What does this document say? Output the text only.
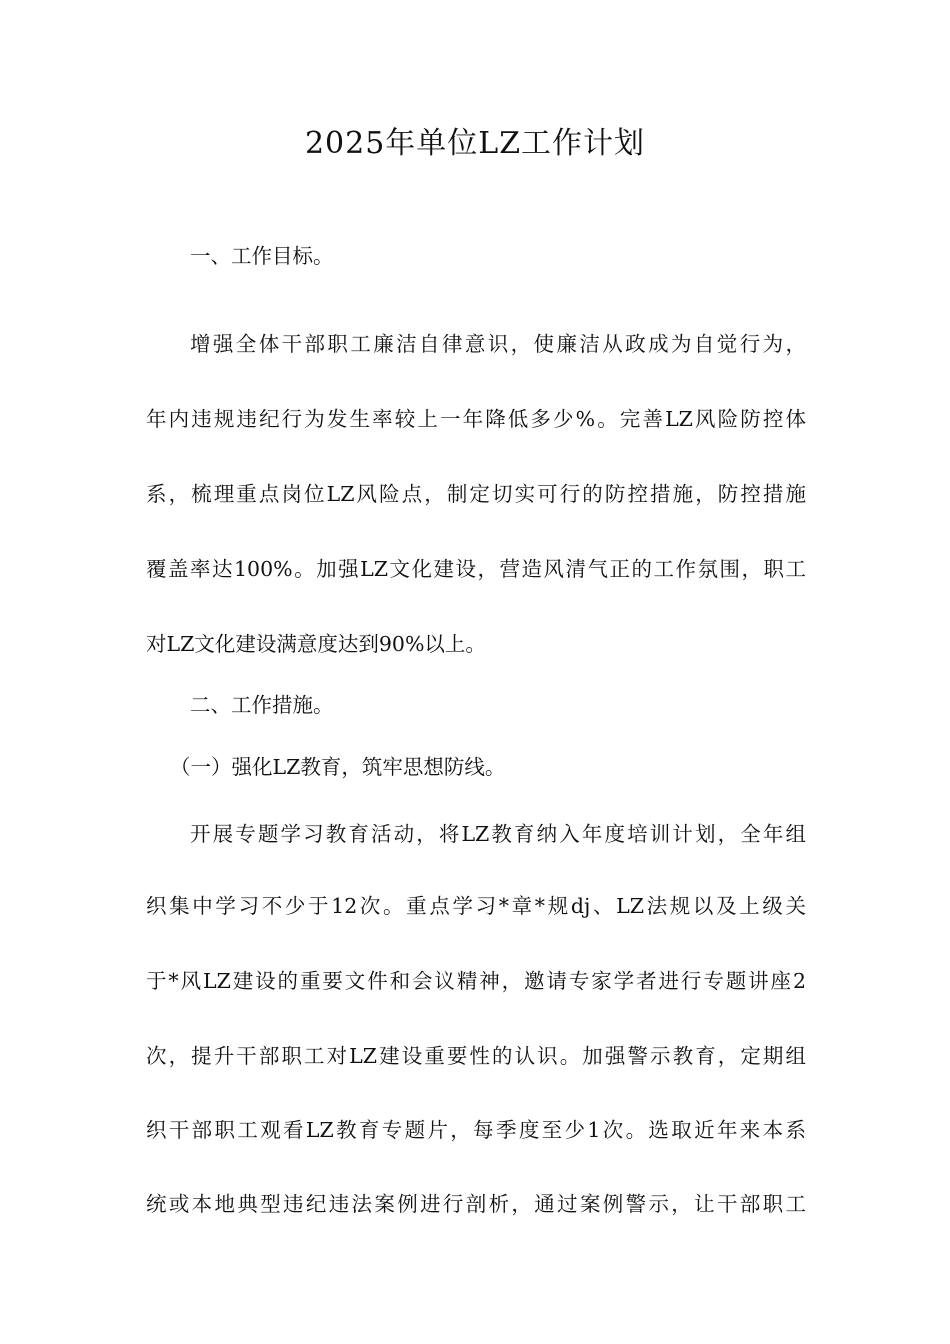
2025年单位LZ工作计划

一、工作目标。

增强全体干部职工廉洁自律意识，使廉洁从政成为自觉行为，

年内违规违纪行为发生率较上一年降低多少%。完善LZ风险防控体

系，梳理重点岗位LZ风险点，制定切实可行的防控措施，防控措施

覆盖率达100%。加强LZ文化建设，营造风清气正的工作氛围，职工

对LZ文化建设满意度达到90%以上。

二、工作措施。

（一）强化LZ教育，筑牢思想防线。

开展专题学习教育活动，将LZ教育纳入年度培训计划，全年组

织集中学习不少于12次。重点学习*章*规dj、LZ法规以及上级关

于*风LZ建设的重要文件和会议精神，邀请专家学者进行专题讲座2

次，提升干部职工对LZ建设重要性的认识。加强警示教育，定期组

织干部职工观看LZ教育专题片，每季度至少1次。选取近年来本系

统或本地典型违纪违法案例进行剖析，通过案例警示，让干部职工
